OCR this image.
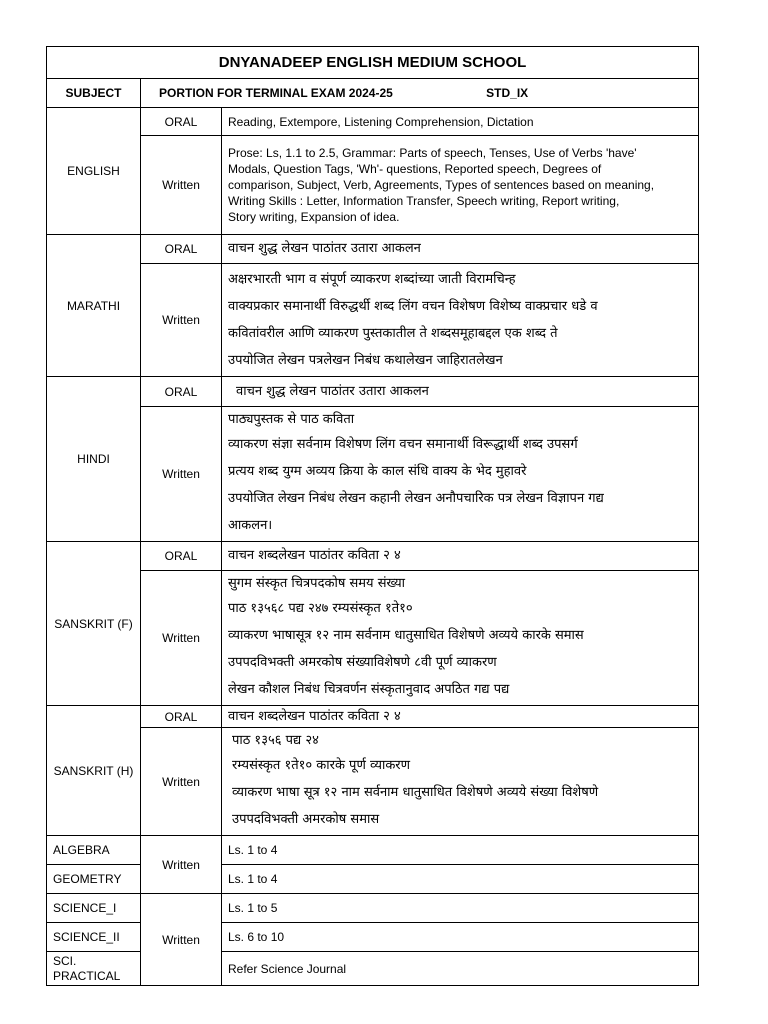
DNYANADEEP ENGLISH MEDIUM SCHOOL		
SUBJECT	PORTION FOR TERMINAL EXAM 2024-25 STD_IX	
ENGLISH	ORAL	Reading, Extempore, Listening Comprehension, Dictation
	Written	Prose: Ls, 1.1 to 2.5, Grammar: Parts of speech, Tenses, Use of Verbs 'have'
Modals, Question Tags, 'Wh'- questions, Reported speech, Degrees of
comparison, Subject, Verb, Agreements, Types of sentences based on meaning,
Writing Skills : Letter, Information Transfer, Speech writing, Report writing,
Story writing, Expansion of idea.

MARATHI	ORAL	वाचन शुद्ध लेखन पाठांतर उतारा आकलन
	Written	अक्षरभारती भाग व संपूर्ण व्याकरण शब्दांच्या जाती विरामचिन्ह
वाक्यप्रकार समानार्थी विरुद्धर्थी शब्द लिंग वचन विशेषण विशेष्य वाक्प्रचार धडे व
कवितांवरील आणि व्याकरण पुस्तकातील ते शब्दसमूहाबद्दल एक शब्द ते
उपयोजित लेखन पत्रलेखन निबंध कथालेखन जाहिरातलेखन

HINDI	ORAL	वाचन शुद्ध लेखन पाठांतर उतारा आकलन
	Written	पाठ्यपुस्तक से पाठ कविता
व्याकरण संज्ञा सर्वनाम विशेषण लिंग वचन समानार्थी विरूद्धार्थी शब्द उपसर्ग
प्रत्यय शब्द युग्म अव्यय क्रिया के काल संधि वाक्य के भेद मुहावरे
उपयोजित लेखन निबंध लेखन कहानी लेखन अनौपचारिक पत्र लेखन विज्ञापन गद्य
आकलन।

SANSKRIT (F)	ORAL	वाचन शब्दलेखन पाठांतर कविता २ ४
	Written	सुगम संस्कृत चित्रपदकोष समय संख्या
पाठ १३५६८ पद्य २४७ रम्यसंस्कृत १ते१०
व्याकरण भाषासूत्र १२ नाम सर्वनाम धातुसाधित विशेषणे अव्यये कारके समास
उपपदविभक्ती अमरकोष संख्याविशेषणे ८वी पूर्ण व्याकरण
लेखन कौशल निबंध चित्रवर्णन संस्कृतानुवाद अपठित गद्य पद्य

SANSKRIT (H)	ORAL	वाचन शब्दलेखन पाठांतर कविता २ ४
	Written	पाठ १३५६ पद्य २४
रम्यसंस्कृत १ते१० कारके पूर्ण व्याकरण
व्याकरण भाषा सूत्र १२ नाम सर्वनाम धातुसाधित विशेषणे अव्यये संख्या विशेषणे
उपपदविभक्ती अमरकोष समास

ALGEBRA	Written	Ls. 1 to 4
GEOMETRY		Ls. 1 to 4
SCIENCE_I	Written	Ls. 1 to 5
SCIENCE_II		Ls. 6 to 10
SCI. PRACTICAL		Refer Science Journal
